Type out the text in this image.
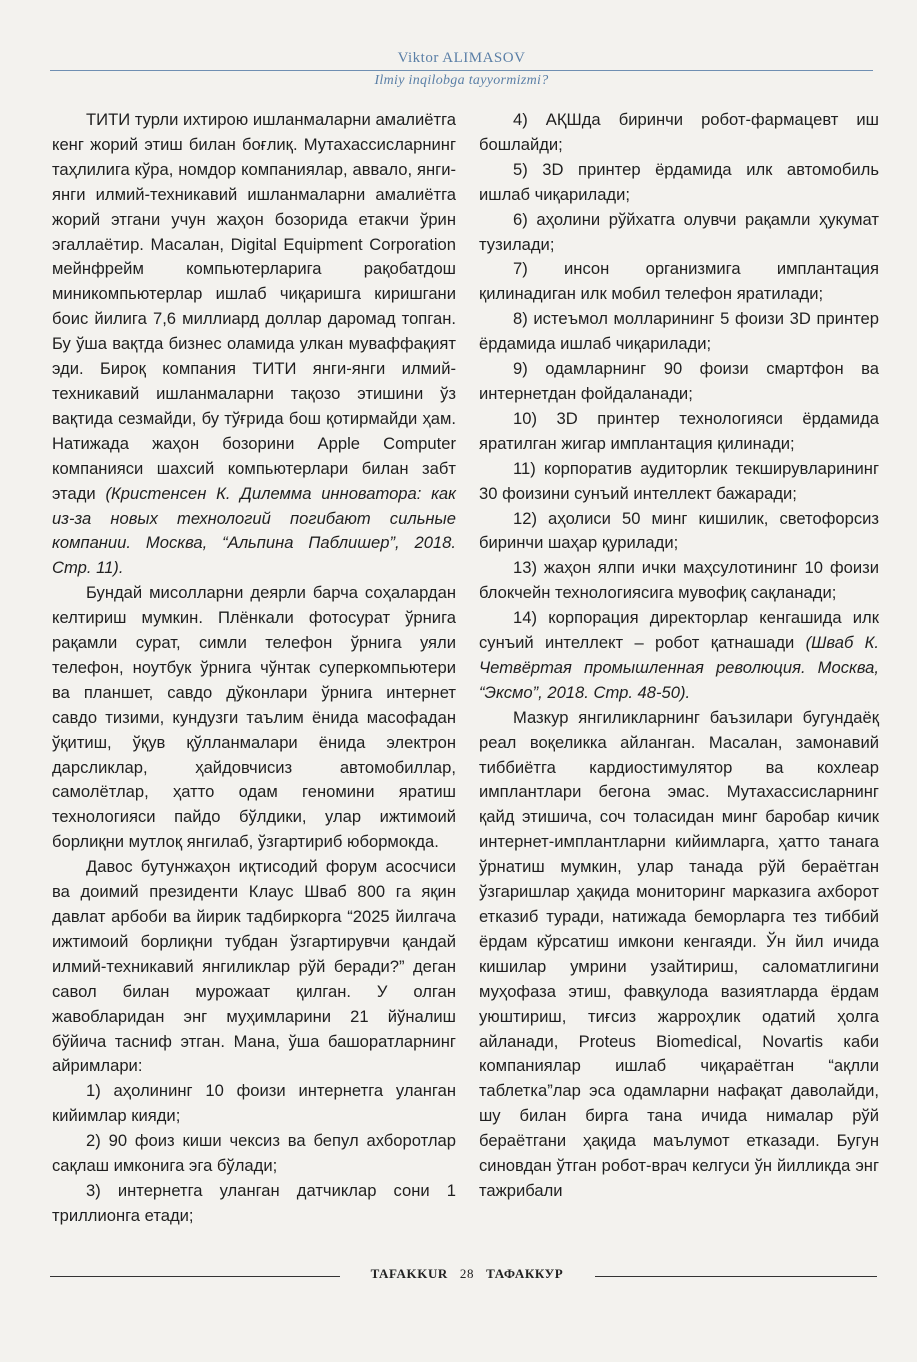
Viktor ALIMASOV
Ilmiy inqilobga tayyormizmi?

ТИТИ турли ихтирою ишланмаларни амалиётга кенг жорий этиш билан боғлиқ. Мутахассисларнинг таҳлилига кўра, номдор компаниялар, аввало, янги-янги илмий-техникавий ишланмаларни амалиётга жорий этгани учун жаҳон бозорида етакчи ўрин эгаллаётир. Масалан, Digital Equipment Corporation мейнфрейм компьютерларига рақобатдош миникомпьютерлар ишлаб чиқаришга киришгани боис йилига 7,6 миллиард доллар даромад топган. Бу ўша вақтда бизнес оламида улкан муваффақият эди. Бироқ компания ТИТИ янги-янги илмий-техникавий ишланмаларни тақозо этишини ўз вақтида сезмайди, бу тўғрида бош қотирмайди ҳам. Натижада жаҳон бозорини Apple Computer компанияси шахсий компьютерлари билан забт этади (Кристенсен К. Дилемма инноватора: как из-за новых технологий погибают сильные компании. Москва, “Альпина Паблишер”, 2018. Стр. 11).

Бундай мисолларни деярли барча соҳалардан келтириш мумкин. Плёнкали фотосурат ўрнига рақамли сурат, симли телефон ўрнига уяли телефон, ноутбук ўрнига чўнтак суперкомпьютери ва планшет, савдо дўконлари ўрнига интернет савдо тизими, кундузги таълим ёнида масофадан ўқитиш, ўқув қўлланмалари ёнида электрон дарсликлар, ҳайдовчисиз автомобиллар, самолётлар, ҳатто одам геномини яратиш технологияси пайдо бўлдики, улар ижтимоий борлиқни мутлоқ янгилаб, ўзгартириб юбормокда.

Давос бутунжаҳон иқтисодий форум асосчиси ва доимий президенти Клаус Шваб 800 га яқин давлат арбоби ва йирик тадбиркорга “2025 йилгача ижтимоий борлиқни тубдан ўзгартирувчи қандай илмий-техникавий янгиликлар рўй беради?” деган савол билан мурожаат қилган. У олган жавобларидан энг муҳимларини 21 йўналиш бўйича тасниф этган. Мана, ўша башоратларнинг айримлари:

1) аҳолининг 10 фоизи интернетга уланган кийимлар кияди;

2) 90 фоиз киши чексиз ва бепул ахборотлар сақлаш имконига эга бўлади;

3) интернетга уланган датчиклар сони 1 триллионга етади;

4) АҚШда биринчи робот-фармацевт иш бошлайди;

5) 3D принтер ёрдамида илк автомобиль ишлаб чиқарилади;

6) аҳолини рўйхатга олувчи рақамли ҳукумат тузилади;

7) инсон организмига имплантация қилинадиган илк мобил телефон яратилади;

8) истеъмол молларининг 5 фоизи 3D принтер ёрдамида ишлаб чиқарилади;

9) одамларнинг 90 фоизи смартфон ва интернетдан фойдаланади;

10) 3D принтер технологияси ёрдамида яратилган жигар имплантация қилинади;

11) корпоратив аудиторлик текширувларининг 30 фоизини сунъий интеллект бажаради;

12) аҳолиси 50 минг кишилик, светофорсиз биринчи шаҳар қурилади;

13) жаҳон ялпи ички маҳсулотининг 10 фоизи блокчейн технологиясига мувофиқ сақланади;

14) корпорация директорлар кенгашида илк сунъий интеллект – робот қатнашади (Шваб К. Четвёртая промышленная революция. Москва, “Эксмо”, 2018. Стр. 48-50).

Мазкур янгиликларнинг баъзилари бугундаёқ реал воқеликка айланган. Масалан, замонавий тиббиётга кардиостимулятор ва кохлеар имплантлари бегона эмас. Мутахассисларнинг қайд этишича, соч толасидан минг баробар кичик интернет-имплантларни кийимларга, ҳатто танага ўрнатиш мумкин, улар танада рўй бераётган ўзгаришлар ҳақида мониторинг марказига ахборот етказиб туради, натижада беморларга тез тиббий ёрдам кўрсатиш имкони кенгаяди. Ўн йил ичида кишилар умрини узайтириш, саломатлигини муҳофаза этиш, фавқулода вазиятларда ёрдам уюштириш, тиғсиз жарроҳлик одатий ҳолга айланади, Proteus Biomedical, Novartis каби компаниялар ишлаб чиқараётган “ақлли таблетка”лар эса одамларни нафақат даволайди, шу билан бирга тана ичида нималар рўй бераётгани ҳақида маълумот етказади. Бугун синовдан ўтган робот-врач келгуси ўн йилликда энг тажрибали

TAFAKKUR 28 ТАФАККУР
